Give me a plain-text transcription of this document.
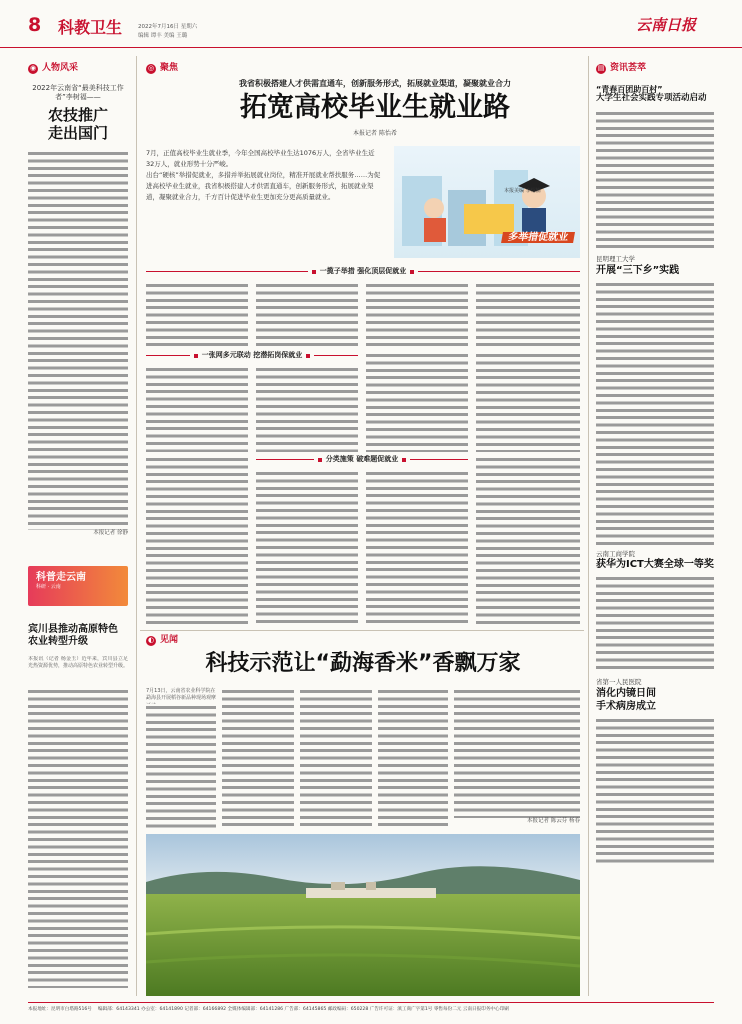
8 科教卫生	2022年7月16日 星期六
编辑 谭丰 美编 王璐
云南日报
◉ 人物风采
2022年云南省“最美科技工作者”李树福——
农技推广
走出国门
本报记者 徐静
科普走云南
科研 · 云南
宾川县推动高原特色
农业转型升级
本报讯（记者 杨金玉）近年来，宾川县立足光热资源优势，推动高原特色农业转型升级。
◎ 聚焦
我省积极搭建人才供需直通车，创新服务形式，拓展就业渠道，凝聚就业合力
拓宽高校毕业生就业路
本报记者 陈怡希
7月，正值高校毕业生就业季，今年全国高校毕业生达1076万人，全省毕业生近32万人，就业形势十分严峻。
出台“硬核”举措促就业，多措并举拓展就业岗位，精准开展就业帮扶服务……为促进高校毕业生就业，我省积极搭建人才供需直通车，创新服务形式，拓展就业渠道，凝聚就业合力，千方百计促进毕业生更加充分更高质量就业。
本报美编 李绍楠
多举措促就业
一揽子举措 强化顶层促就业
一张网多元联动 挖潜拓岗保就业
分类施策 破难题促就业
◐ 见闻
科技示范让“勐海香米”香飘万家
7月13日，云南省农业科学院在勐海县开展稻谷新品种现场观摩
本报记者 陈云芬 杨春
▤ 资讯荟萃
“青春百团助百村”
大学生社会实践专项活动启动
昆明理工大学
开展“三下乡”实践
云南工商学院
获华为ICT大赛全球一等奖
省第一人民医院
消化内镜日间
手术病房成立
本报地址：昆明市白塔路516号 编辑部：64143341 办公室：64141890 记者部：64166892 全媒体编辑部：64141286 广告部：64145865 邮政编码：650228 广告许可证：滇工商广字第1号 零售每份二元 云南日报印务中心印刷
